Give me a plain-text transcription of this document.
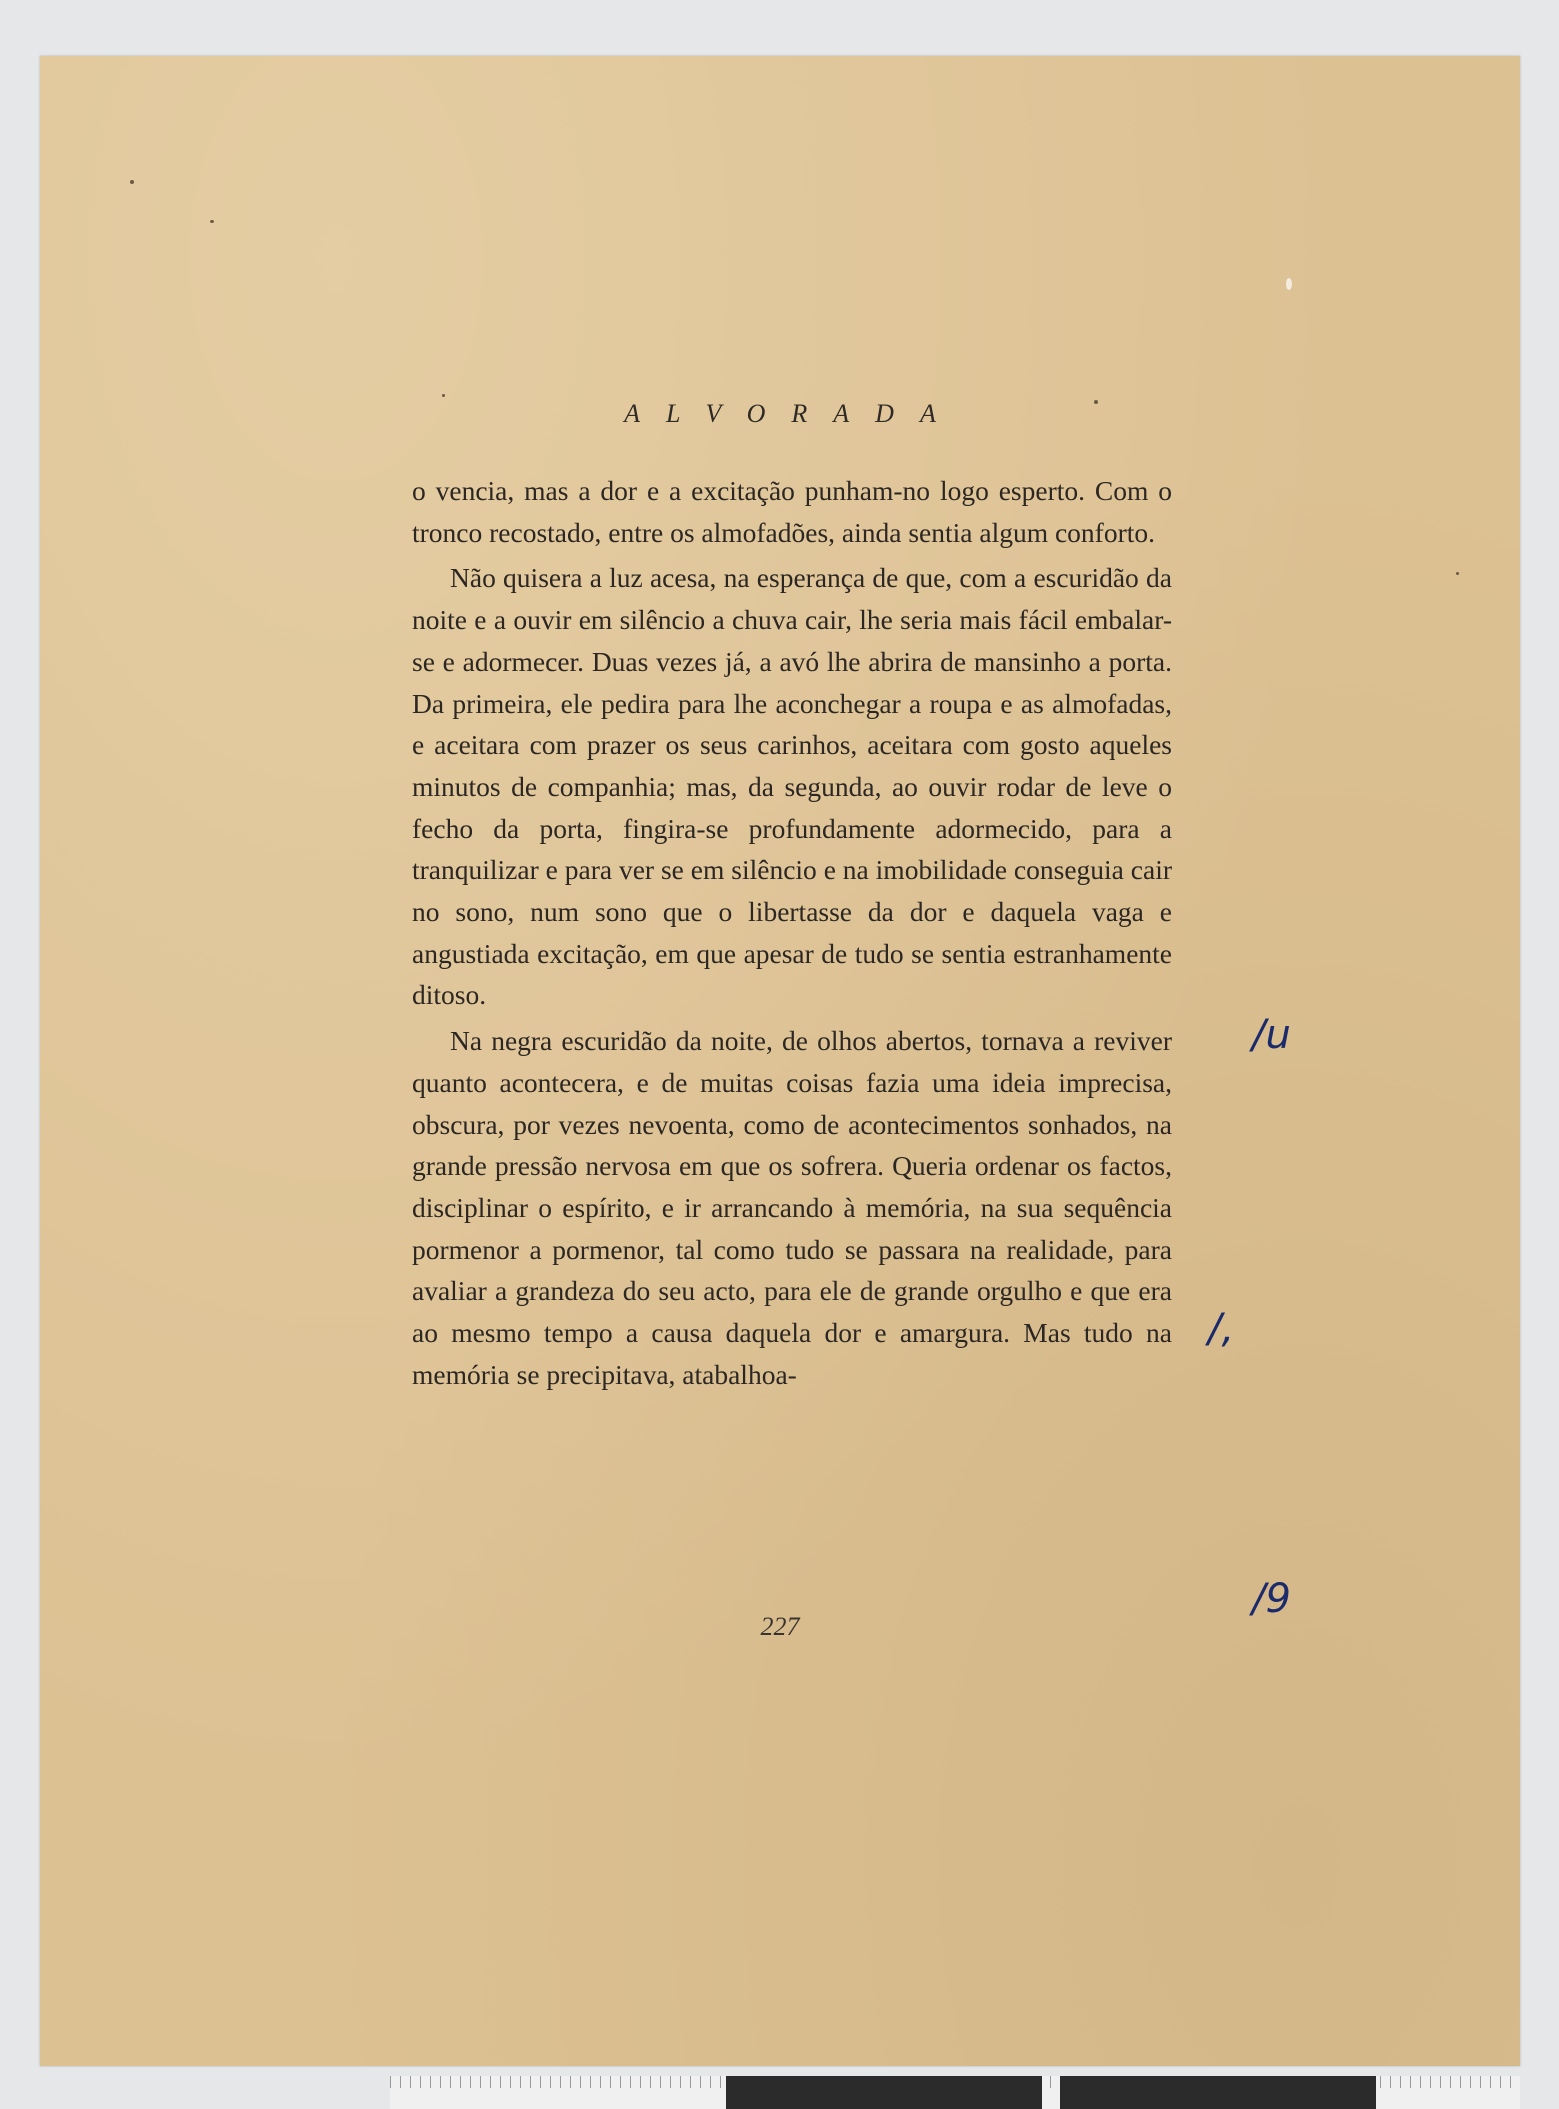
ALVORADA

o vencia, mas a dor e a excitação punham-no logo esperto. Com o tronco recostado, entre os almofadões, ainda sentia algum conforto.

Não quisera a luz acesa, na esperança de que, com a escuridão da noite e a ouvir em silêncio a chuva cair, lhe seria mais fácil embalar-se e adormecer. Duas vezes já, a avó lhe abrira de mansinho a porta. Da primeira, ele pedira para lhe aconchegar a roupa e as almofadas, e aceitara com prazer os seus carinhos, aceitara com gosto aqueles minutos de companhia; mas, da segunda, ao ouvir rodar de leve o fecho da porta, fingira-se profundamente adormecido, para a tranquilizar e para ver se em silêncio e na imobilidade conseguia cair no sono, num sono que o libertasse da dor e daquela vaga e angustiada excitação, em que apesar de tudo se sentia estranhamente ditoso.

Na negra escuridão da noite, de olhos abertos, tornava a reviver quanto acontecera, e de muitas coisas fazia uma ideia imprecisa, obscura, por vezes nevoenta, como de acontecimentos sonhados, na grande pressão nervosa em que os sofrera. Queria ordenar os factos, disciplinar o espírito, e ir arrancando à memória, na sua sequência pormenor a pormenor, tal como tudo se passara na realidade, para avaliar a grandeza do seu acto, para ele de grande orgulho e que era ao mesmo tempo a causa daquela dor e amargura. Mas tudo na memória se precipitava, atabalhoa-

227
/u
/,
/9
